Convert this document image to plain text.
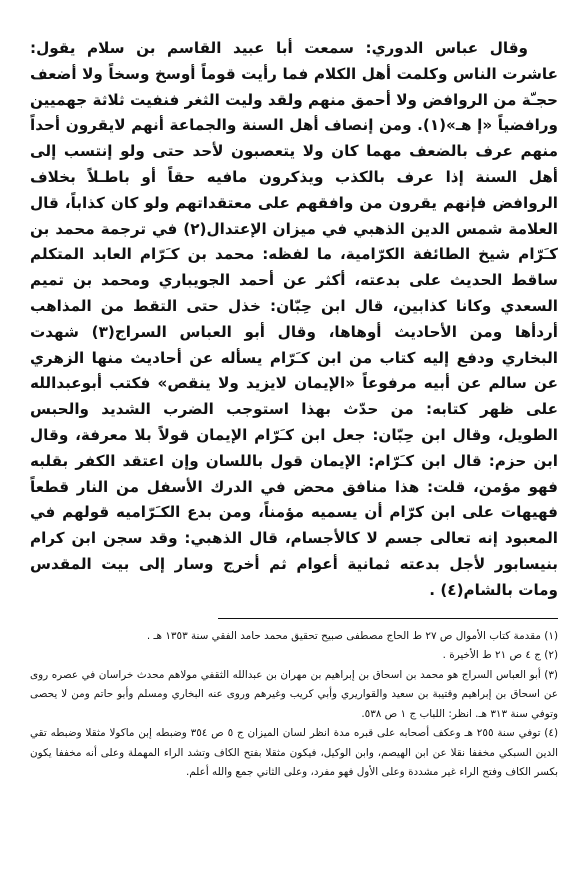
وقال عباس الدوري: سمعت أبا عبيد القاسم بن سلام يقول: عاشرت الناس وكلمت أهل الكلام فما رأيت قوماً أوسخ وسخاً ولا أضعف حجـّة من الروافض ولا أحمق منهم ولقد وليت الثغر فنفيت ثلاثة جهميين ورافضياً «إ هـ»(١). ومن إنصاف أهل السنة والجماعة أنهم لايقرون أحداً منهم عرف بالضعف مهما كان ولا يتعصبون لأحد حتى ولو إنتسب إلى أهل السنة إذا عرف بالكذب ويذكرون مافيه حقاً أو باطـلاً بخلاف الروافض فإنهم يقرون من وافقهم على معتقداتهم ولو كان كذاباً، قال العلامة شمس الدين الذهبي في ميزان الإعتدال(٢) في ترجمة محمد بن كـَرّام شيخ الطائفة الكرّامية، ما لفظه: محمد بن كـَرّام العابد المتكلم ساقط الحديث على بدعته، أكثر عن أحمد الجويباري ومحمد بن تميم السعدي وكانا كذابين، قال ابن حِبّان: خذل حتى التقط من المذاهب أردأها ومن الأحاديث أوهاها، وقال أبو العباس السراج(٣) شهدت البخاري ودفع إليه كتاب من ابن كـَرّام يسأله عن أحاديث منها الزهري عن سالم عن أبيه مرفوعاً «الإيمان لايزيد ولا ينقص» فكتب أبوعبدالله على ظهر كتابه: من حدّث بهذا استوجب الضرب الشديد والحبس الطويل، وقال ابن حِبّان: جعل ابن كـَرّام الإيمان قولاً بلا معرفة، وقال ابن حزم: قال ابن كـَرّام: الإيمان قول باللسان وإن اعتقد الكفر بقلبه فهو مؤمن، قلت: هذا منافق محض في الدرك الأسفل من النار قطعاً فهيهات على ابن كرّام أن يسميه مؤمناً، ومن بدع الكـَرّاميه قولهم في المعبود إنه تعالى جسم لا كالأجسام، قال الذهبي: وقد سجن ابن كرام بنيسابور لأجل بدعته ثمانية أعوام ثم أخرج وسار إلى بيت المقدس ومات بالشام(٤) .

(١) مقدمة كتاب الأموال ص ٢٧ ط الحاج مصطفى صبيح تحقيق محمد حامد الفقي سنة ١٣٥٣ هـ .

(٢) ج ٤ ص ٢١ ط الأخيرة .

(٣) أبو العباس السراج هو محمد بن اسحاق بن إبراهيم بن مهران بن عبدالله الثقفي مولاهم محدث خراسان في عصره روى عن اسحاق بن إبراهيم وقتيبة بن سعيد والقواريري وأبي كريب وغيرهم وروى عنه البخاري ومسلم وأبو حاتم ومن لا يحصى وتوفي سنة ٣١٣ هـ. انظر: اللباب ج ١ ص ٥٣٨.

(٤) توفي سنة ٢٥٥ هـ وعكف أصحابه على قبره مدة انظر لسان الميزان ج ٥ ص ٣٥٤ وضبطه إبن ماكولا مثقلا وضبطه تقي الدين السبكي مخففا نقلا عن ابن الهيصم، وابن الوكيل، فيكون مثقلا بفتح الكاف وتشد الراء المهملة وعلى أنه مخففا يكون بكسر الكاف وفتح الراء غير مشددة وعلى الأول فهو مفرد، وعلى الثاني جمع والله أعلم.
